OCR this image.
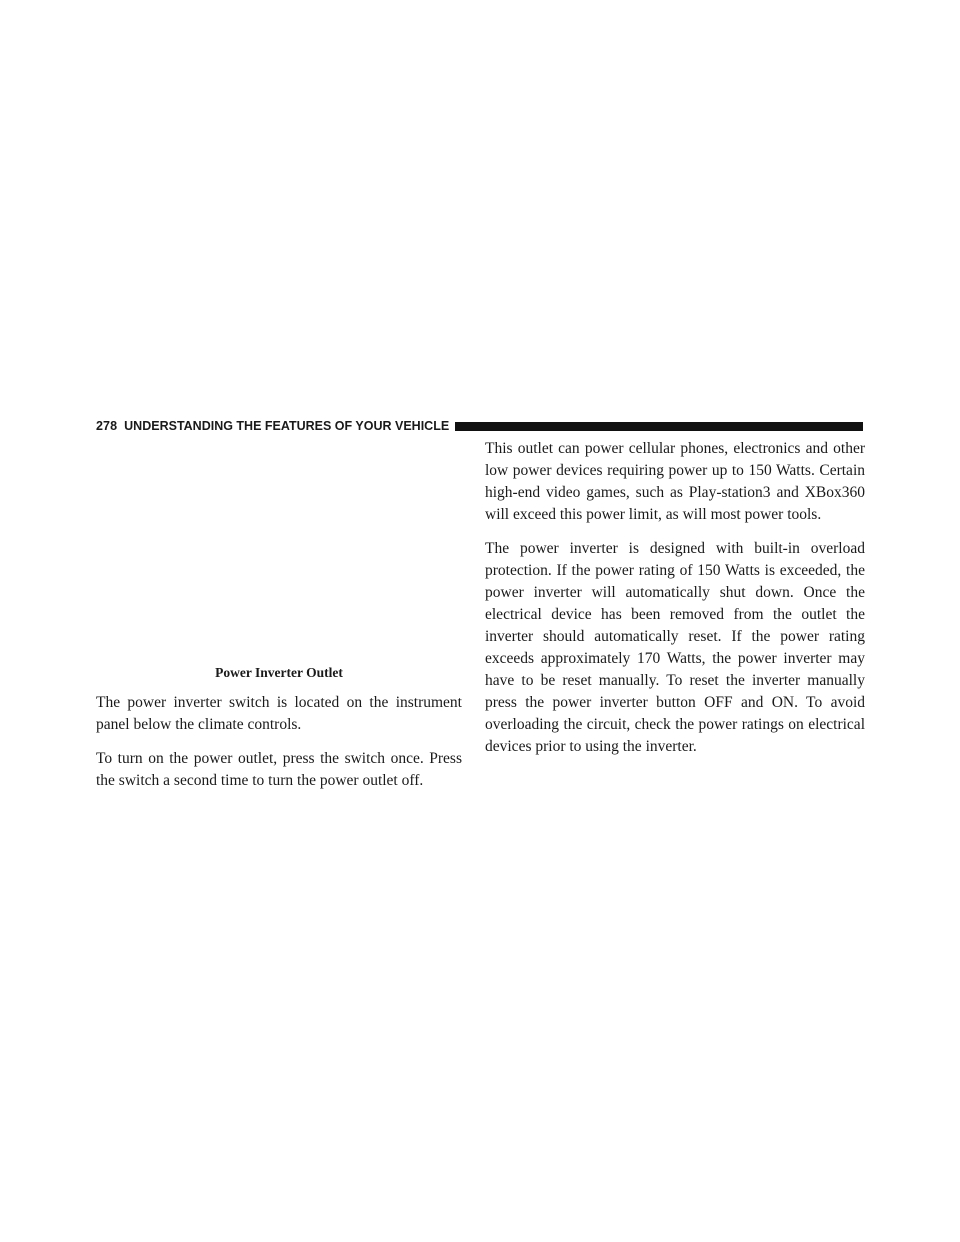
278 UNDERSTANDING THE FEATURES OF YOUR VEHICLE
Power Inverter Outlet

The power inverter switch is located on the instrument panel below the climate controls.

To turn on the power outlet, press the switch once. Press the switch a second time to turn the power outlet off.

This outlet can power cellular phones, electronics and other low power devices requiring power up to 150 Watts. Certain high-end video games, such as Play-station3 and XBox360 will exceed this power limit, as will most power tools.

The power inverter is designed with built-in overload protection. If the power rating of 150 Watts is exceeded, the power inverter will automatically shut down. Once the electrical device has been removed from the outlet the inverter should automatically reset. If the power rating exceeds approximately 170 Watts, the power inverter may have to be reset manually. To reset the inverter manually press the power inverter button OFF and ON. To avoid overloading the circuit, check the power ratings on electrical devices prior to using the inverter.
